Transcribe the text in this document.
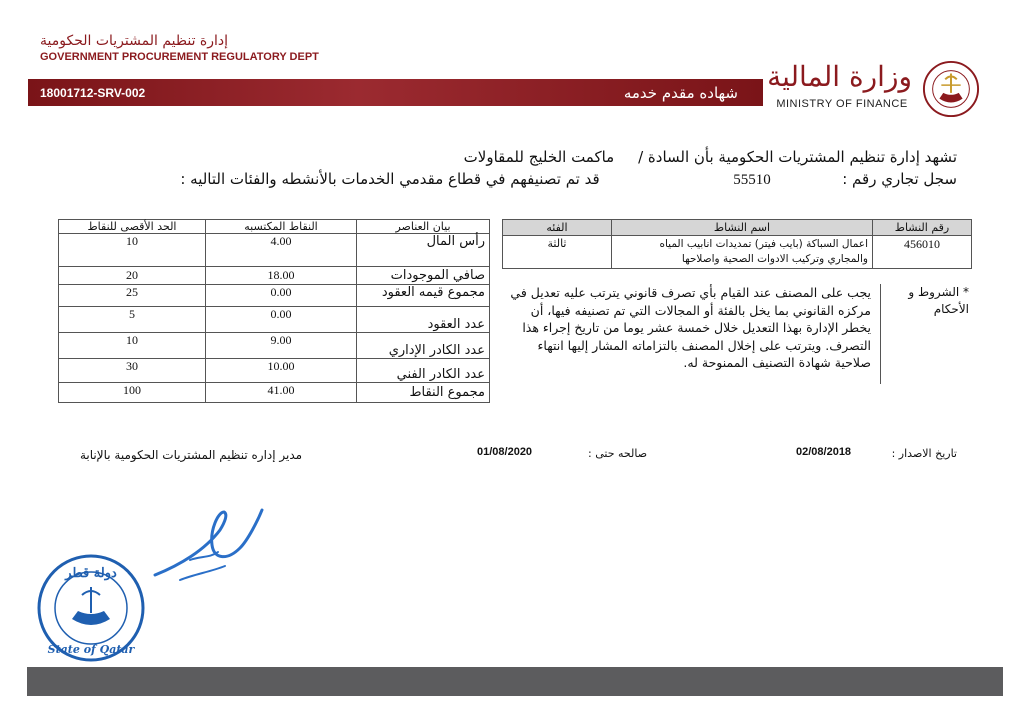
إدارة تنظيم المشتريات الحكومية
GOVERNMENT PROCUREMENT REGULATORY DEPT
18001712-SRV-002	شهاده مقدم خدمه وزارة المالية
MINISTRY OF FINANCE
تشهد إدارة تنظيم المشتريات الحكومية بأن السادة /     ماكمت الخليج للمقاولات
سجل تجاري رقم :               55510                            قد تم تصنيفهم في قطاع مقدمي الخدمات بالأنشطه والفئات التاليه :
رقم النشاط	اسم النشاط	الفئه
456010	اعمال السباكة (بايب فيتر) تمديدات انابيب المياه والمجاري وتركيب الادوات الصحية واصلاحها	ثالثة
الحد الأقصى للنقاط	النقاط المكتسبه	بيان العناصر
10	4.00	رأس المال
20	18.00	صافي الموجودات
25	0.00	مجموع قيمه العقود
5	0.00	عدد العقود
10	9.00	عدد الكادر الإداري
30	10.00	عدد الكادر الفني
100	41.00	مجموع النقاط
* الشروط و الأحكام
يجب على المصنف عند القيام بأي تصرف قانوني يترتب عليه تعديل في مركزه القانوني بما يخل بالفئة أو المجالات التي تم تصنيفه فيها، أن يخطر الإدارة بهذا التعديل خلال خمسة عشر يوما من تاريخ إجراء هذا التصرف. ويترتب على إخلال المصنف بالتزاماته المشار إليها انتهاء صلاحية شهادة التصنيف الممنوحة له.
تاريخ الاصدار :
02/08/2018
صالحه حتى :
01/08/2020
مدير إداره تنظيم المشتريات الحكومية بالإنابة
دولة قطر
State of Qatar
